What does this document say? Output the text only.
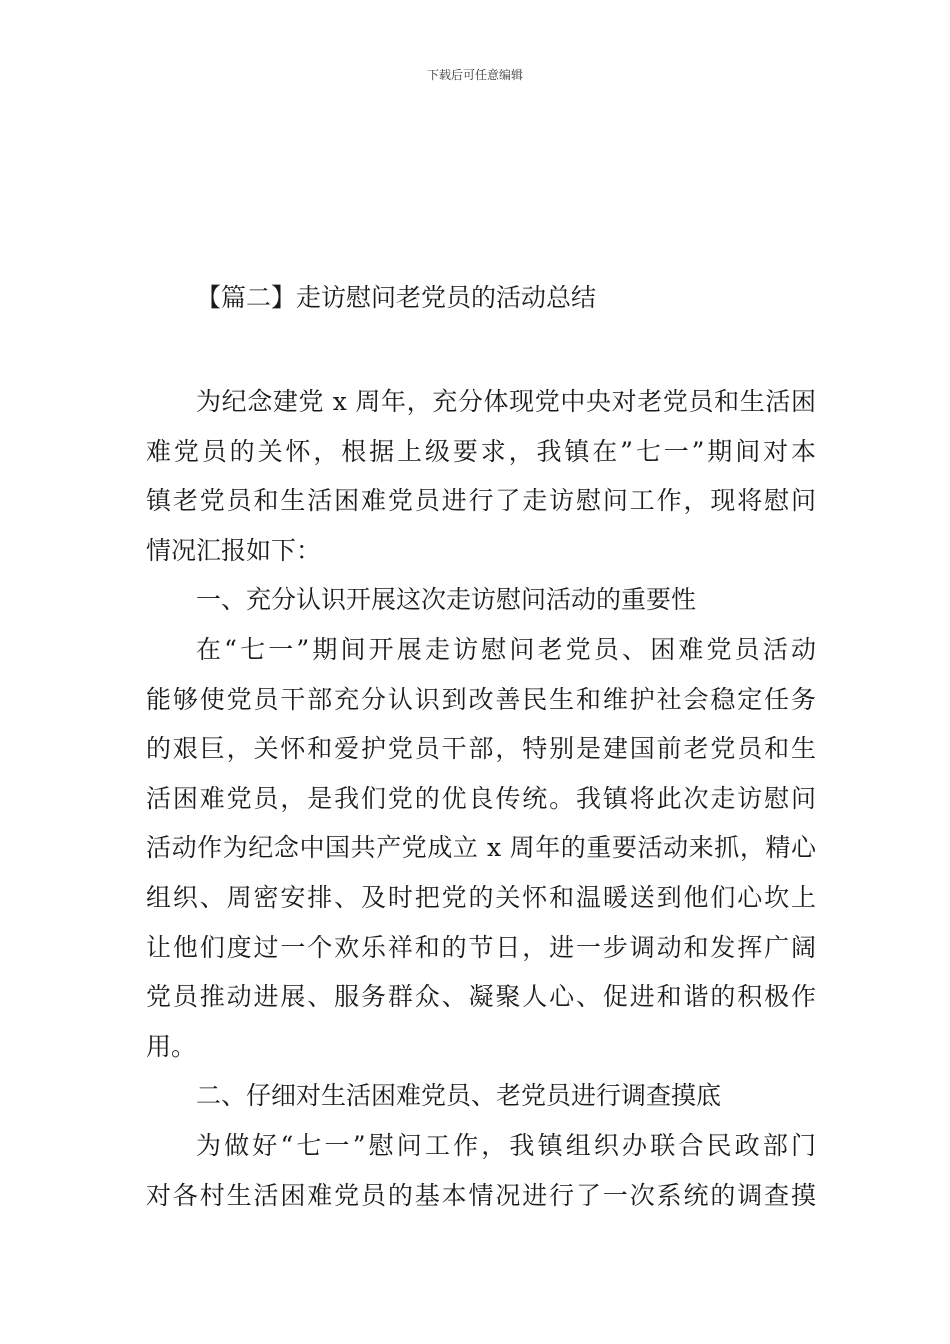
下载后可任意编辑
【篇二】走访慰问老党员的活动总结
为纪念建党 x 周年，充分体现党中央对老党员和生活困
难党员的关怀，根据上级要求，我镇在”七一”期间对本
镇老党员和生活困难党员进行了走访慰问工作，现将慰问
情况汇报如下：
一、充分认识开展这次走访慰问活动的重要性
在“七一”期间开展走访慰问老党员、困难党员活动
能够使党员干部充分认识到改善民生和维护社会稳定任务
的艰巨，关怀和爱护党员干部，特别是建国前老党员和生
活困难党员，是我们党的优良传统。我镇将此次走访慰问
活动作为纪念中国共产党成立 x 周年的重要活动来抓，精心
组织、周密安排、及时把党的关怀和温暖送到他们心坎上
让他们度过一个欢乐祥和的节日，进一步调动和发挥广阔
党员推动进展、服务群众、凝聚人心、促进和谐的积极作
用。
二、仔细对生活困难党员、老党员进行调查摸底
为做好“七一”慰问工作，我镇组织办联合民政部门
对各村生活困难党员的基本情况进行了一次系统的调查摸
